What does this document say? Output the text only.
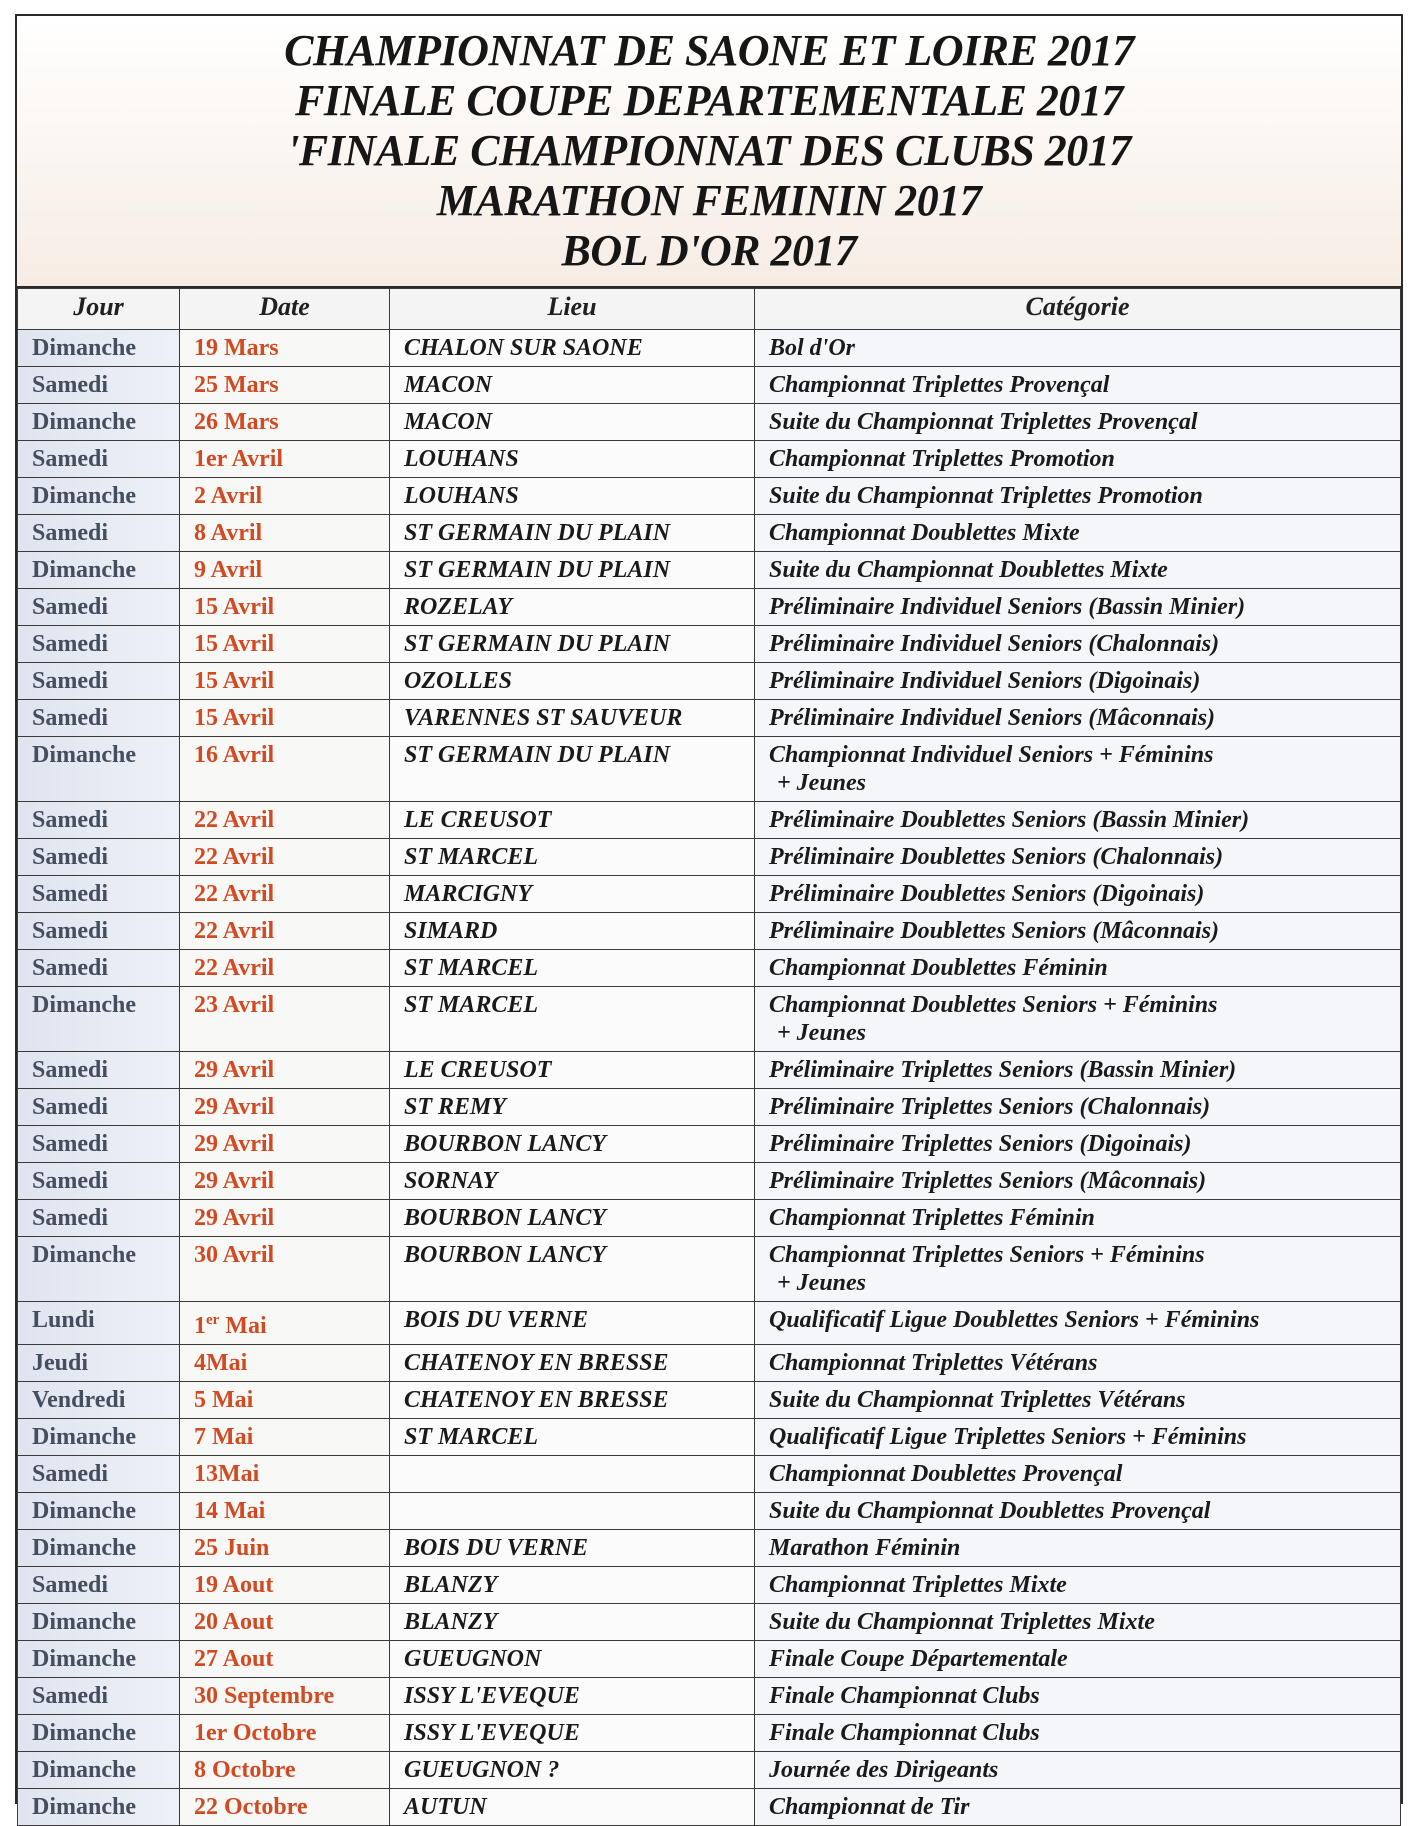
CHAMPIONNAT DE SAONE ET LOIRE 2017
FINALE COUPE DEPARTEMENTALE 2017
'FINALE CHAMPIONNAT DES CLUBS 2017
MARATHON FEMININ 2017
BOL D'OR 2017
Jour	Date	Lieu	Catégorie
Dimanche	19 Mars	CHALON SUR SAONE	Bol d'Or

Samedi	25 Mars	MACON	Championnat Triplettes Provençal

Dimanche	26 Mars	MACON	Suite du Championnat Triplettes Provençal

Samedi	1er Avril	LOUHANS	Championnat Triplettes Promotion

Dimanche	2 Avril	LOUHANS	Suite du Championnat Triplettes Promotion

Samedi	8 Avril	ST GERMAIN DU PLAIN	Championnat Doublettes Mixte

Dimanche	9 Avril	ST GERMAIN DU PLAIN	Suite du Championnat Doublettes Mixte

Samedi	15 Avril	ROZELAY	Préliminaire Individuel Seniors (Bassin Minier)

Samedi	15 Avril	ST GERMAIN DU PLAIN	Préliminaire Individuel Seniors (Chalonnais)

Samedi	15 Avril	OZOLLES	Préliminaire Individuel Seniors (Digoinais)

Samedi	15 Avril	VARENNES ST SAUVEUR	Préliminaire Individuel Seniors (Mâconnais)

Dimanche	16 Avril	ST GERMAIN DU PLAIN	Championnat Individuel Seniors + Féminins
+ Jeunes

Samedi	22 Avril	LE CREUSOT	Préliminaire Doublettes Seniors (Bassin Minier)

Samedi	22 Avril	ST MARCEL	Préliminaire Doublettes Seniors (Chalonnais)

Samedi	22 Avril	MARCIGNY	Préliminaire Doublettes Seniors (Digoinais)

Samedi	22 Avril	SIMARD	Préliminaire Doublettes Seniors (Mâconnais)

Samedi	22 Avril	ST MARCEL	Championnat Doublettes Féminin

Dimanche	23 Avril	ST MARCEL	Championnat Doublettes Seniors + Féminins
+ Jeunes

Samedi	29 Avril	LE CREUSOT	Préliminaire Triplettes Seniors (Bassin Minier)

Samedi	29 Avril	ST REMY	Préliminaire Triplettes Seniors (Chalonnais)

Samedi	29 Avril	BOURBON LANCY	Préliminaire Triplettes Seniors (Digoinais)

Samedi	29 Avril	SORNAY	Préliminaire Triplettes Seniors (Mâconnais)

Samedi	29 Avril	BOURBON LANCY	Championnat Triplettes Féminin

Dimanche	30 Avril	BOURBON LANCY	Championnat Triplettes Seniors + Féminins
+ Jeunes

Lundi	1er Mai	BOIS DU VERNE	Qualificatif Ligue Doublettes Seniors + Féminins

Jeudi	4Mai	CHATENOY EN BRESSE	Championnat Triplettes Vétérans

Vendredi	5 Mai	CHATENOY EN BRESSE	Suite du Championnat Triplettes Vétérans

Dimanche	7 Mai	ST MARCEL	Qualificatif Ligue Triplettes Seniors + Féminins

Samedi	13Mai		Championnat Doublettes Provençal

Dimanche	14 Mai		Suite du Championnat Doublettes Provençal

Dimanche	25 Juin	BOIS DU VERNE	Marathon Féminin

Samedi	19 Aout	BLANZY	Championnat Triplettes Mixte

Dimanche	20 Aout	BLANZY	Suite du Championnat Triplettes Mixte

Dimanche	27 Aout	GUEUGNON	Finale Coupe Départementale

Samedi	30 Septembre	ISSY L'EVEQUE	Finale Championnat Clubs

Dimanche	1er Octobre	ISSY L'EVEQUE	Finale Championnat Clubs

Dimanche	8 Octobre	GUEUGNON ?	Journée des Dirigeants

Dimanche	22 Octobre	AUTUN	Championnat de Tir
